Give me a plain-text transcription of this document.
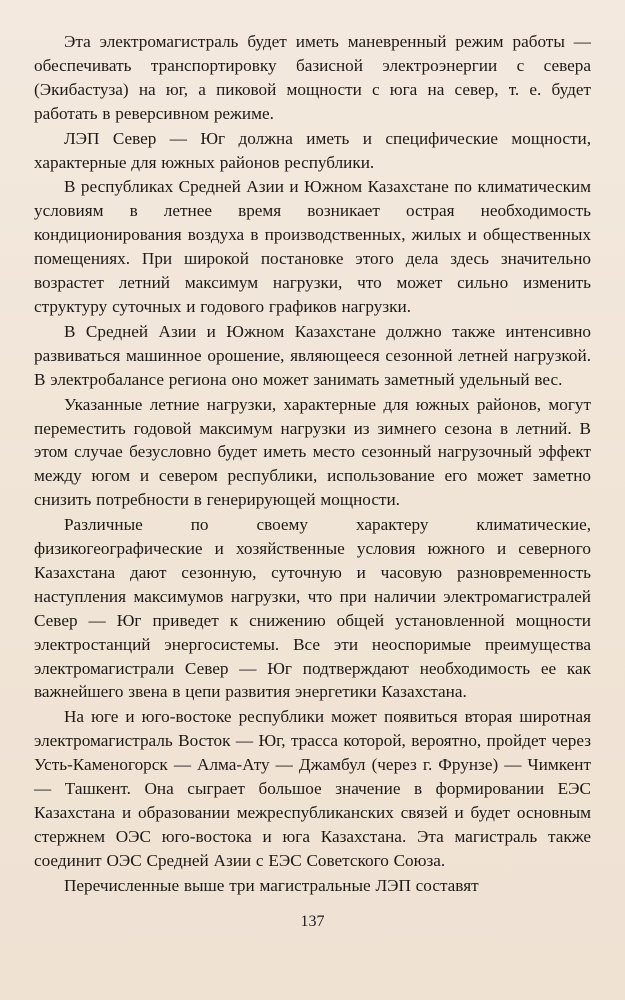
Эта электромагистраль будет иметь маневренный режим работы — обеспечивать транспортировку базисной электроэнергии с севера (Экибастуза) на юг, а пиковой мощности с юга на север, т. е. будет работать в реверсивном режиме.

ЛЭП Север — Юг должна иметь и специфические мощности, характерные для южных районов республики.

В республиках Средней Азии и Южном Казахстане по климатическим условиям в летнее время возникает острая необходимость кондиционирования воздуха в производственных, жилых и общественных помещениях. При широкой постановке этого дела здесь значительно возрастет летний максимум нагрузки, что может сильно изменить структуру суточных и годового графиков нагрузки.

В Средней Азии и Южном Казахстане должно также интенсивно развиваться машинное орошение, являющееся сезонной летней нагрузкой. В электробалансе региона оно может занимать заметный удельный вес.

Указанные летние нагрузки, характерные для южных районов, могут переместить годовой максимум нагрузки из зимнего сезона в летний. В этом случае безусловно будет иметь место сезонный нагрузочный эффект между югом и севером республики, использование его может заметно снизить потребности в генерирующей мощности.

Различные по своему характеру климатические, физикогеографические и хозяйственные условия южного и северного Казахстана дают сезонную, суточную и часовую разновременность наступления максимумов нагрузки, что при наличии электромагистралей Север — Юг приведет к снижению общей установленной мощности электростанций энергосистемы. Все эти неоспоримые преимущества электромагистрали Север — Юг подтверждают необходимость ее как важнейшего звена в цепи развития энергетики Казахстана.

На юге и юго-востоке республики может появиться вторая широтная электромагистраль Восток — Юг, трасса которой, вероятно, пройдет через Усть-Каменогорск — Алма-Ату — Джамбул (через г. Фрунзе) — Чимкент — Ташкент. Она сыграет большое значение в формировании ЕЭС Казахстана и образовании межреспубликанских связей и будет основным стержнем ОЭС юго-востока и юга Казахстана. Эта магистраль также соединит ОЭС Средней Азии с ЕЭС Советского Союза.

Перечисленные выше три магистральные ЛЭП составят

137
